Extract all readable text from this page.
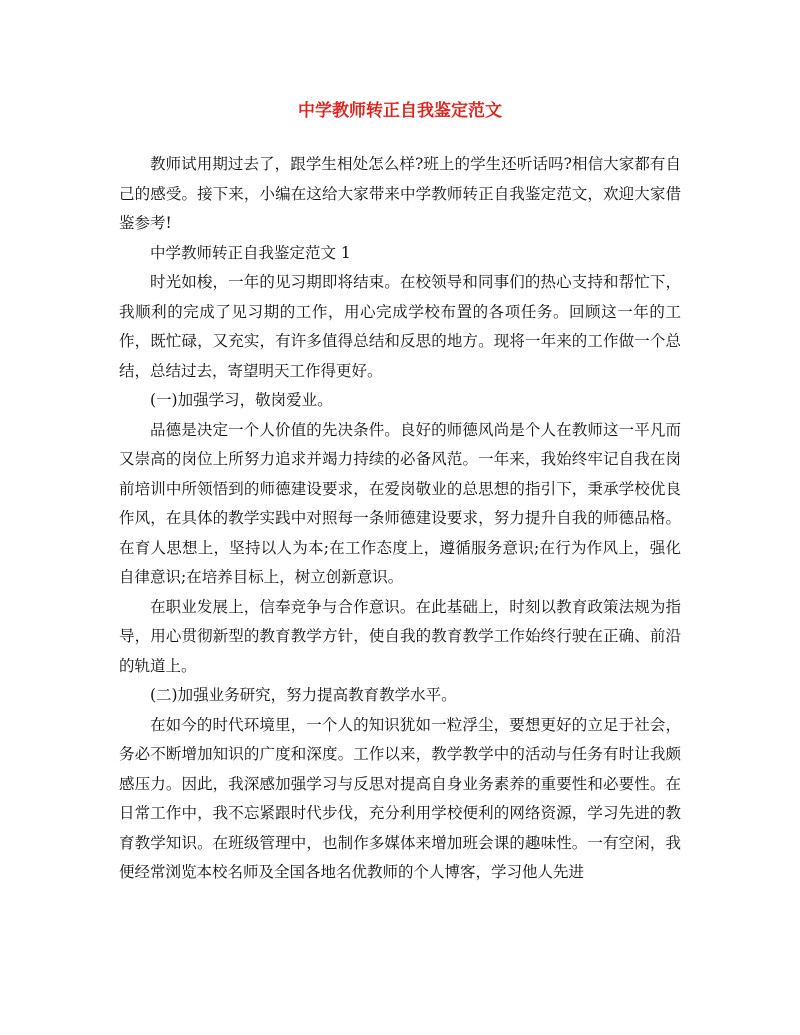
中学教师转正自我鉴定范文

教师试用期过去了，跟学生相处怎么样?班上的学生还听话吗?相信大家都有自己的感受。接下来，小编在这给大家带来中学教师转正自我鉴定范文，欢迎大家借鉴参考!

中学教师转正自我鉴定范文 1

时光如梭，一年的见习期即将结束。在校领导和同事们的热心支持和帮忙下，我顺利的完成了见习期的工作，用心完成学校布置的各项任务。回顾这一年的工作，既忙碌，又充实，有许多值得总结和反思的地方。现将一年来的工作做一个总结，总结过去，寄望明天工作得更好。

(一)加强学习，敬岗爱业。

品德是决定一个人价值的先决条件。良好的师德风尚是个人在教师这一平凡而又崇高的岗位上所努力追求并竭力持续的必备风范。一年来，我始终牢记自我在岗前培训中所领悟到的师德建设要求，在爱岗敬业的总思想的指引下，秉承学校优良作风，在具体的教学实践中对照每一条师德建设要求，努力提升自我的师德品格。在育人思想上，坚持以人为本;在工作态度上，遵循服务意识;在行为作风上，强化自律意识;在培养目标上，树立创新意识。

在职业发展上，信奉竞争与合作意识。在此基础上，时刻以教育政策法规为指导，用心贯彻新型的教育教学方针，使自我的教育教学工作始终行驶在正确、前沿的轨道上。

(二)加强业务研究，努力提高教育教学水平。

在如今的时代环境里，一个人的知识犹如一粒浮尘，要想更好的立足于社会，务必不断增加知识的广度和深度。工作以来，教学教学中的活动与任务有时让我颇感压力。因此，我深感加强学习与反思对提高自身业务素养的重要性和必要性。在日常工作中，我不忘紧跟时代步伐，充分利用学校便利的网络资源，学习先进的教育教学知识。在班级管理中，也制作多媒体来增加班会课的趣味性。一有空闲，我便经常浏览本校名师及全国各地名优教师的个人博客，学习他人先进
